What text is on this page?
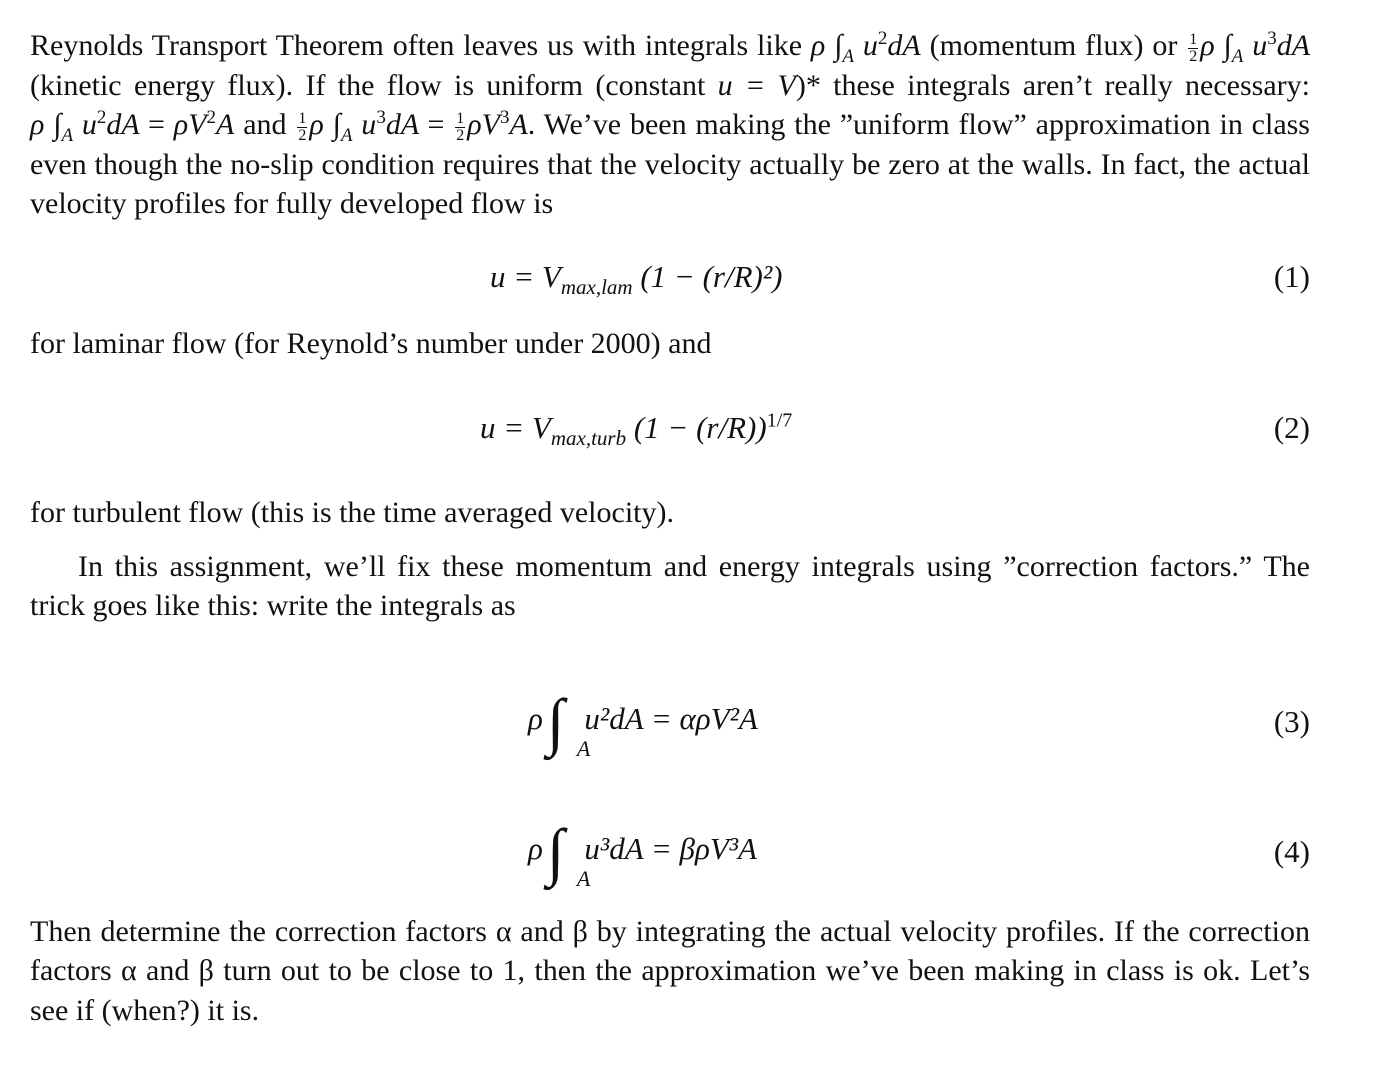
Reynolds Transport Theorem often leaves us with integrals like ρ $\int_A$ $u^2dA$ (momentum flux) or $\frac{1}{2}$ ρ $\int_A$ $u^3dA$ (kinetic energy flux). If the flow is uniform (constant u = V)* these integrals aren’t really necessary: ρ $\int_A$ $u^2dA = \rho V^2A$ and $\frac{1}{2}$ ρ $\int_A$ $u^3dA = \frac{1}{2} \rho V^3A$. We’ve been making the ”uniform flow” approximation in class even though the no-slip condition requires that the velocity actually be zero at the walls. In fact, the actual velocity profiles for fully developed flow is

$u = V_{max,lam}$ (1 − (r/R)²)	(1)

for laminar flow (for Reynold’s number under 2000) and

$u = V_{max,turb}$ $(1 - (r/R))^{1/7}$	(2)

for turbulent flow (this is the time averaged velocity).

In this assignment, we’ll fix these momentum and energy integrals using ”correction factors.” The trick goes like this: write the integrals as

ρ∫ A
u²dA = αρV²A	(3)
ρ∫ A
u³dA = βρV³A	(4)

Then determine the correction factors α and β by integrating the actual velocity profiles. If the correction factors α and β turn out to be close to 1, then the approximation we’ve been making in class is ok. Let’s see if (when?) it is.
